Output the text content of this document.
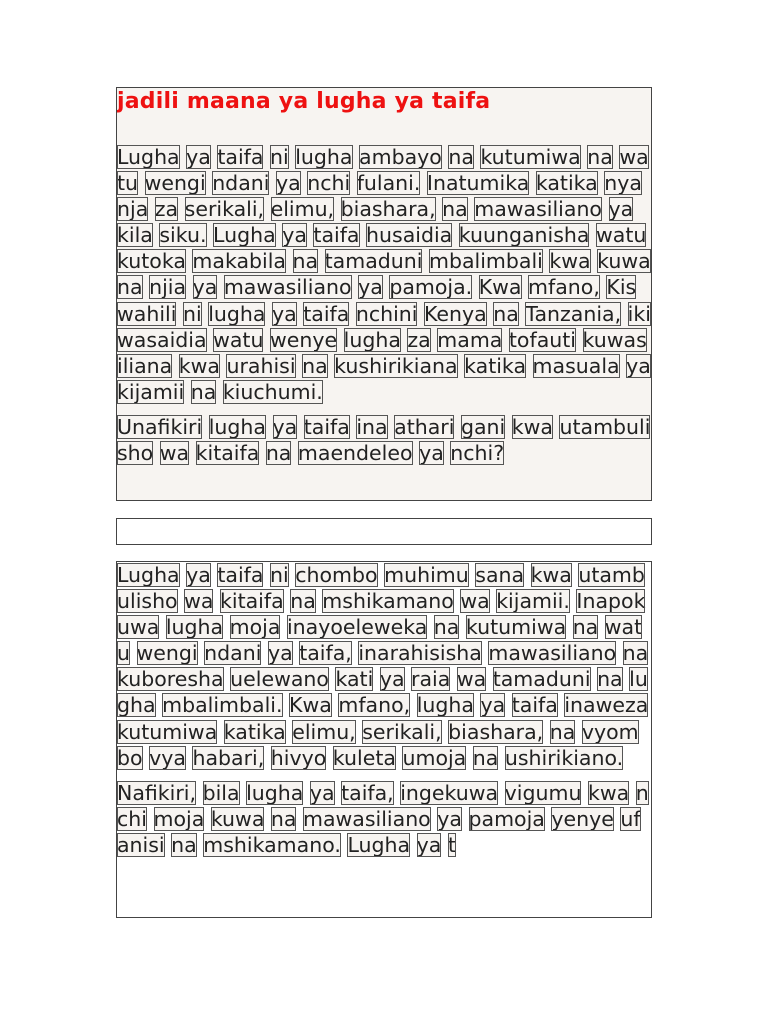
jadili maana ya lugha ya taifa

Lugha ya taifa ni lugha ambayo na kutumiwa na watu wengi ndani ya nchi fulani. Inatumika katika nyanja za serikali, elimu, biashara, na mawasiliano ya kila siku. Lugha ya taifa husaidia kuunganisha watu kutoka makabila na tamaduni mbalimbali kwa kuwa na njia ya mawasiliano ya pamoja. Kwa mfano, Kiswahili ni lugha ya taifa nchini Kenya na Tanzania, ikiwasaidia watu wenye lugha za mama tofauti kuwasiliana kwa urahisi na kushirikiana katika masuala ya kijamii na kiuchumi.

Unafikiri lugha ya taifa ina athari gani kwa utambulisho wa kitaifa na maendeleo ya nchi?

Lugha ya taifa ni chombo muhimu sana kwa utambulisho wa kitaifa na mshikamano wa kijamii. Inapokuwa lugha moja inayoeleweka na kutumiwa na watu wengi ndani ya taifa, inarahisisha mawasiliano na kuboresha uelewano kati ya raia wa tamaduni na lugha mbalimbali. Kwa mfano, lugha ya taifa inaweza kutumiwa katika elimu, serikali, biashara, na vyombo vya habari, hivyo kuleta umoja na ushirikiano.

Nafikiri, bila lugha ya taifa, ingekuwa vigumu kwa nchi moja kuwa na mawasiliano ya pamoja yenye ufanisi na mshikamano. Lugha ya t
